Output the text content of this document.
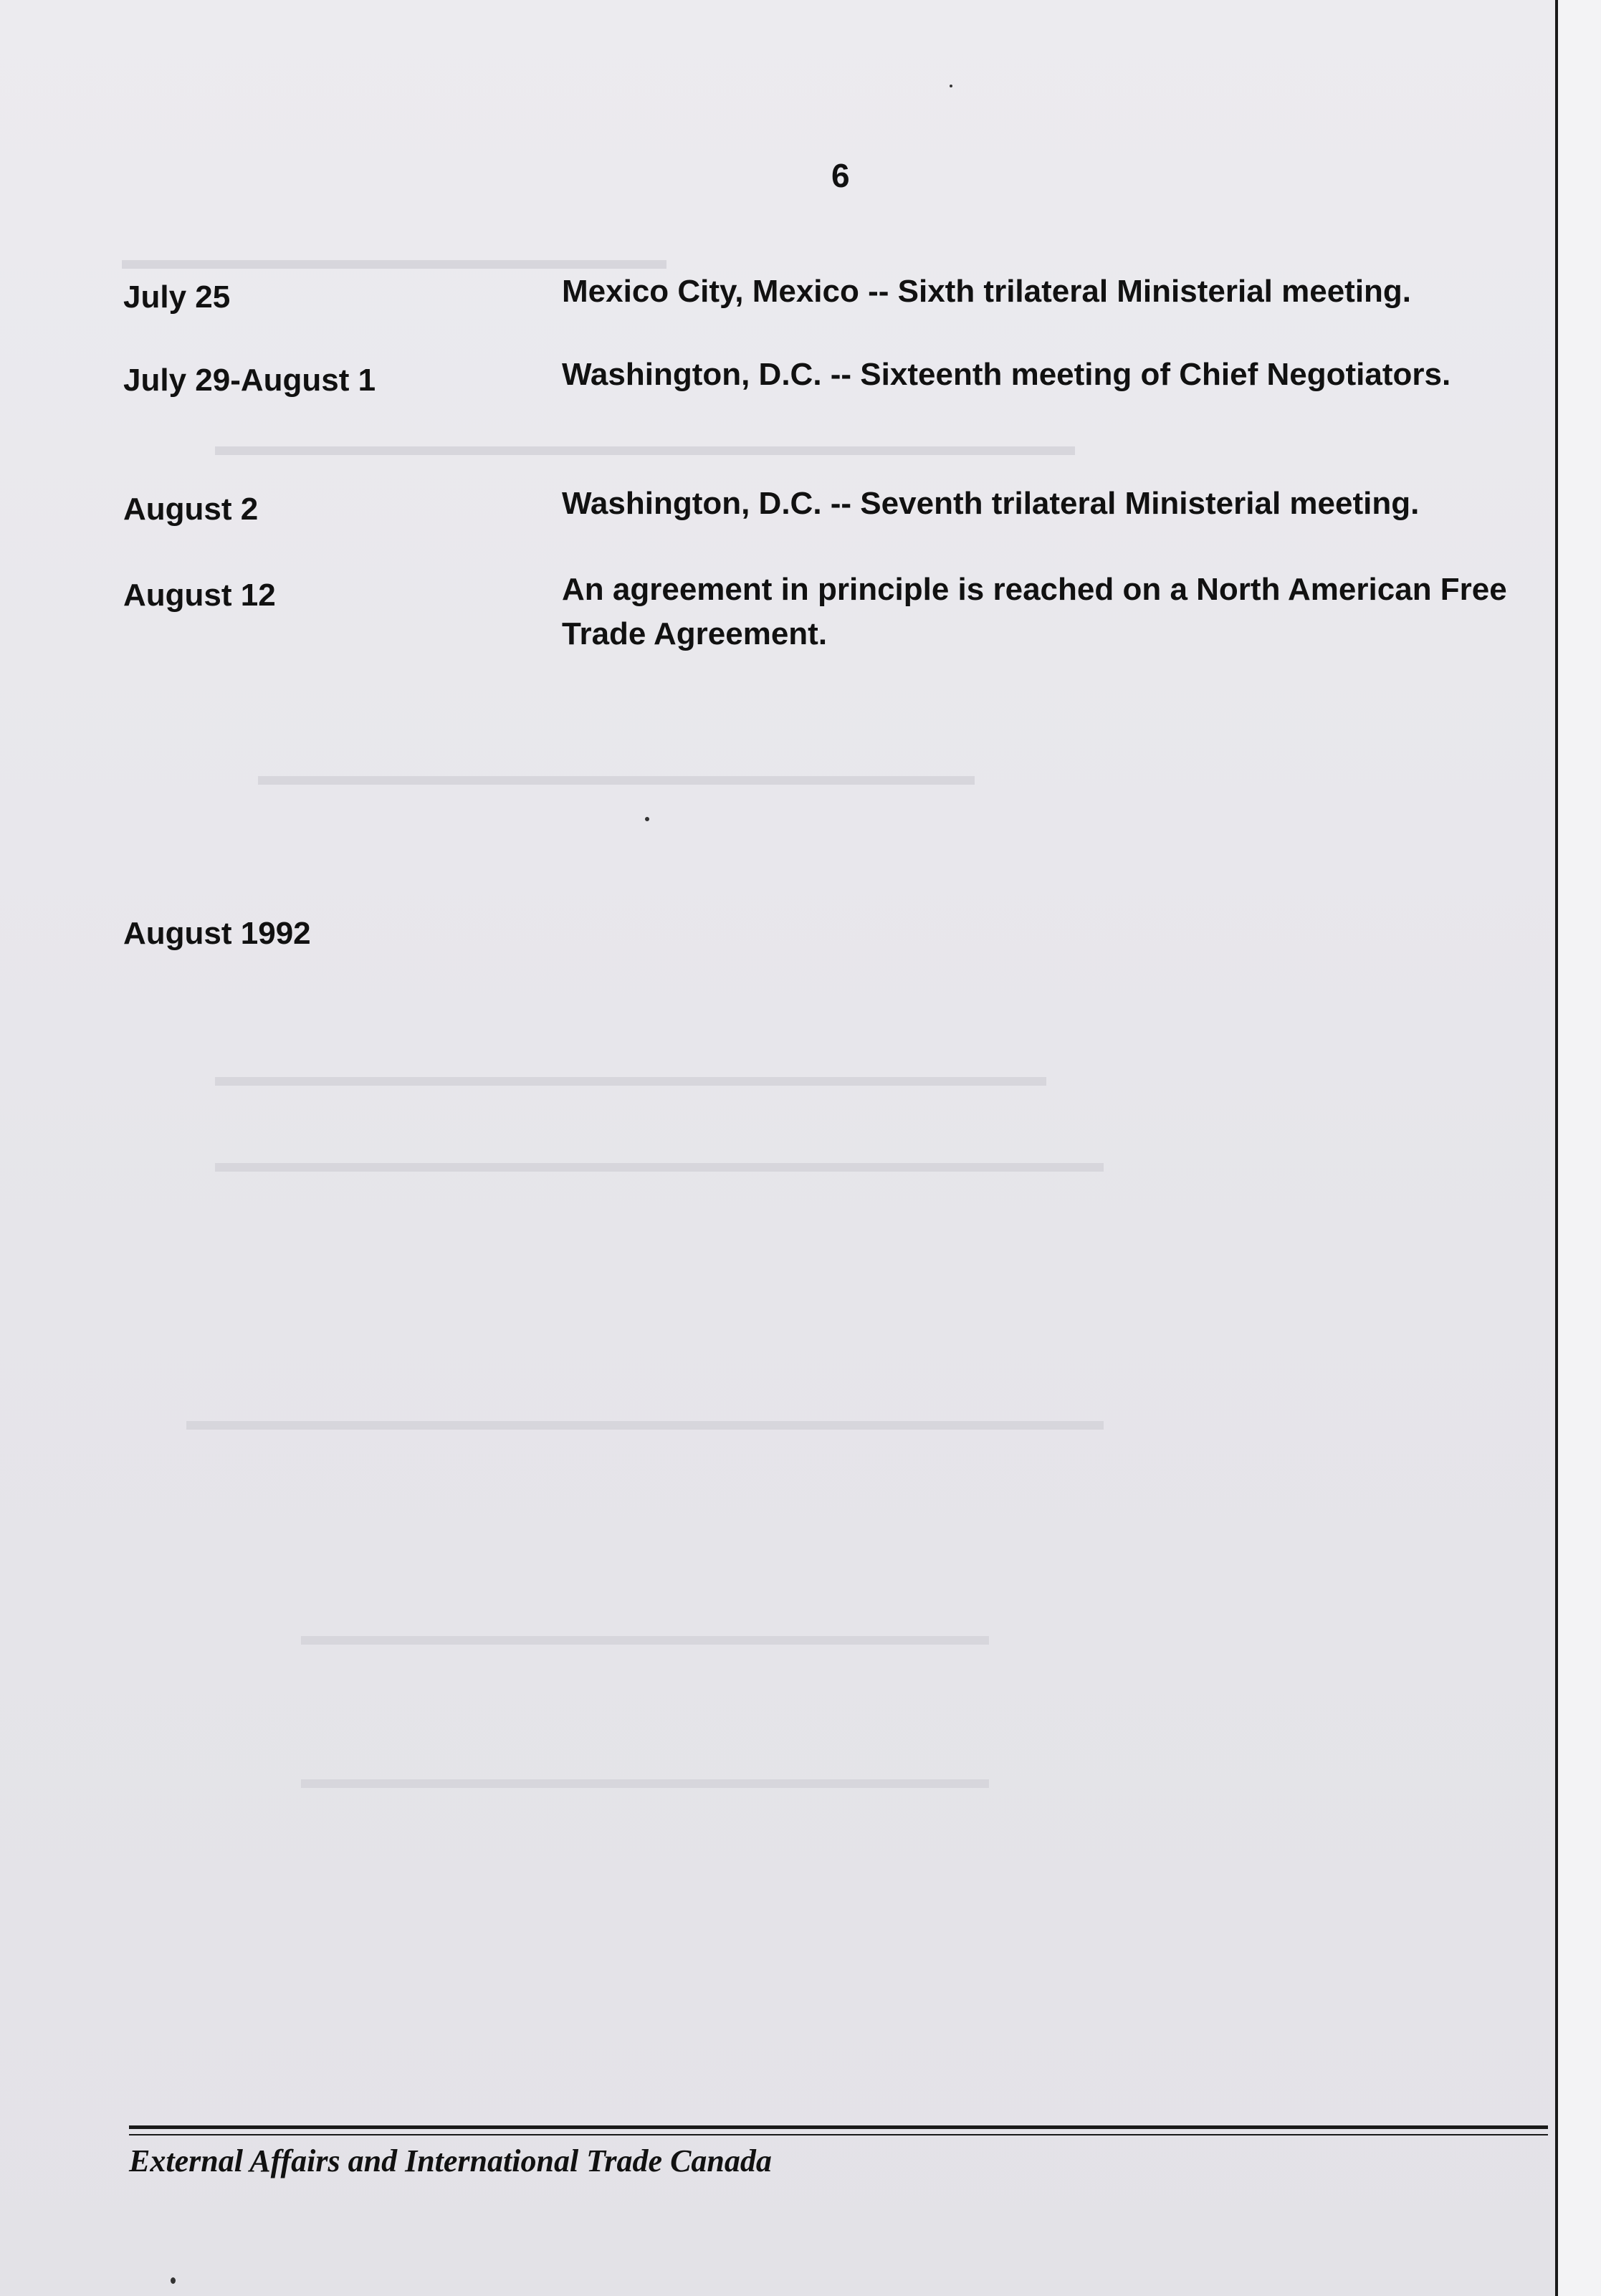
▬▬▬▬▬▬▬▬▬▬▬▬▬▬▬▬▬▬▬
▬▬▬▬▬▬▬▬▬▬▬▬▬▬▬▬▬▬▬▬▬▬▬▬▬▬▬▬▬▬
▬▬▬▬▬▬▬▬▬▬▬▬▬▬▬▬▬▬▬▬▬▬▬▬▬
▬▬▬▬▬▬▬▬▬▬▬▬▬▬▬▬▬▬▬▬▬▬▬▬▬▬▬▬▬
▬▬▬▬▬▬▬▬▬▬▬▬▬▬▬▬▬▬▬▬▬▬▬▬▬▬▬▬▬▬▬
▬▬▬▬▬▬▬▬▬▬▬▬▬▬▬▬▬▬▬▬▬▬▬▬▬▬▬▬▬▬▬▬
▬▬▬▬▬▬▬▬▬▬▬▬▬▬▬▬▬▬▬▬▬▬▬▬
▬▬▬▬▬▬▬▬▬▬▬▬▬▬▬▬▬▬▬▬▬▬▬▬
6
July 25	Mexico City, Mexico -- Sixth trilateral Ministerial meeting.
July 29-August 1	Washington, D.C. -- Sixteenth meeting of Chief Negotiators.
August 2	Washington, D.C. -- Seventh trilateral Ministerial meeting.
August 12	An agreement in principle is reached on a North American Free Trade Agreement.
August 1992
External Affairs and International Trade Canada
